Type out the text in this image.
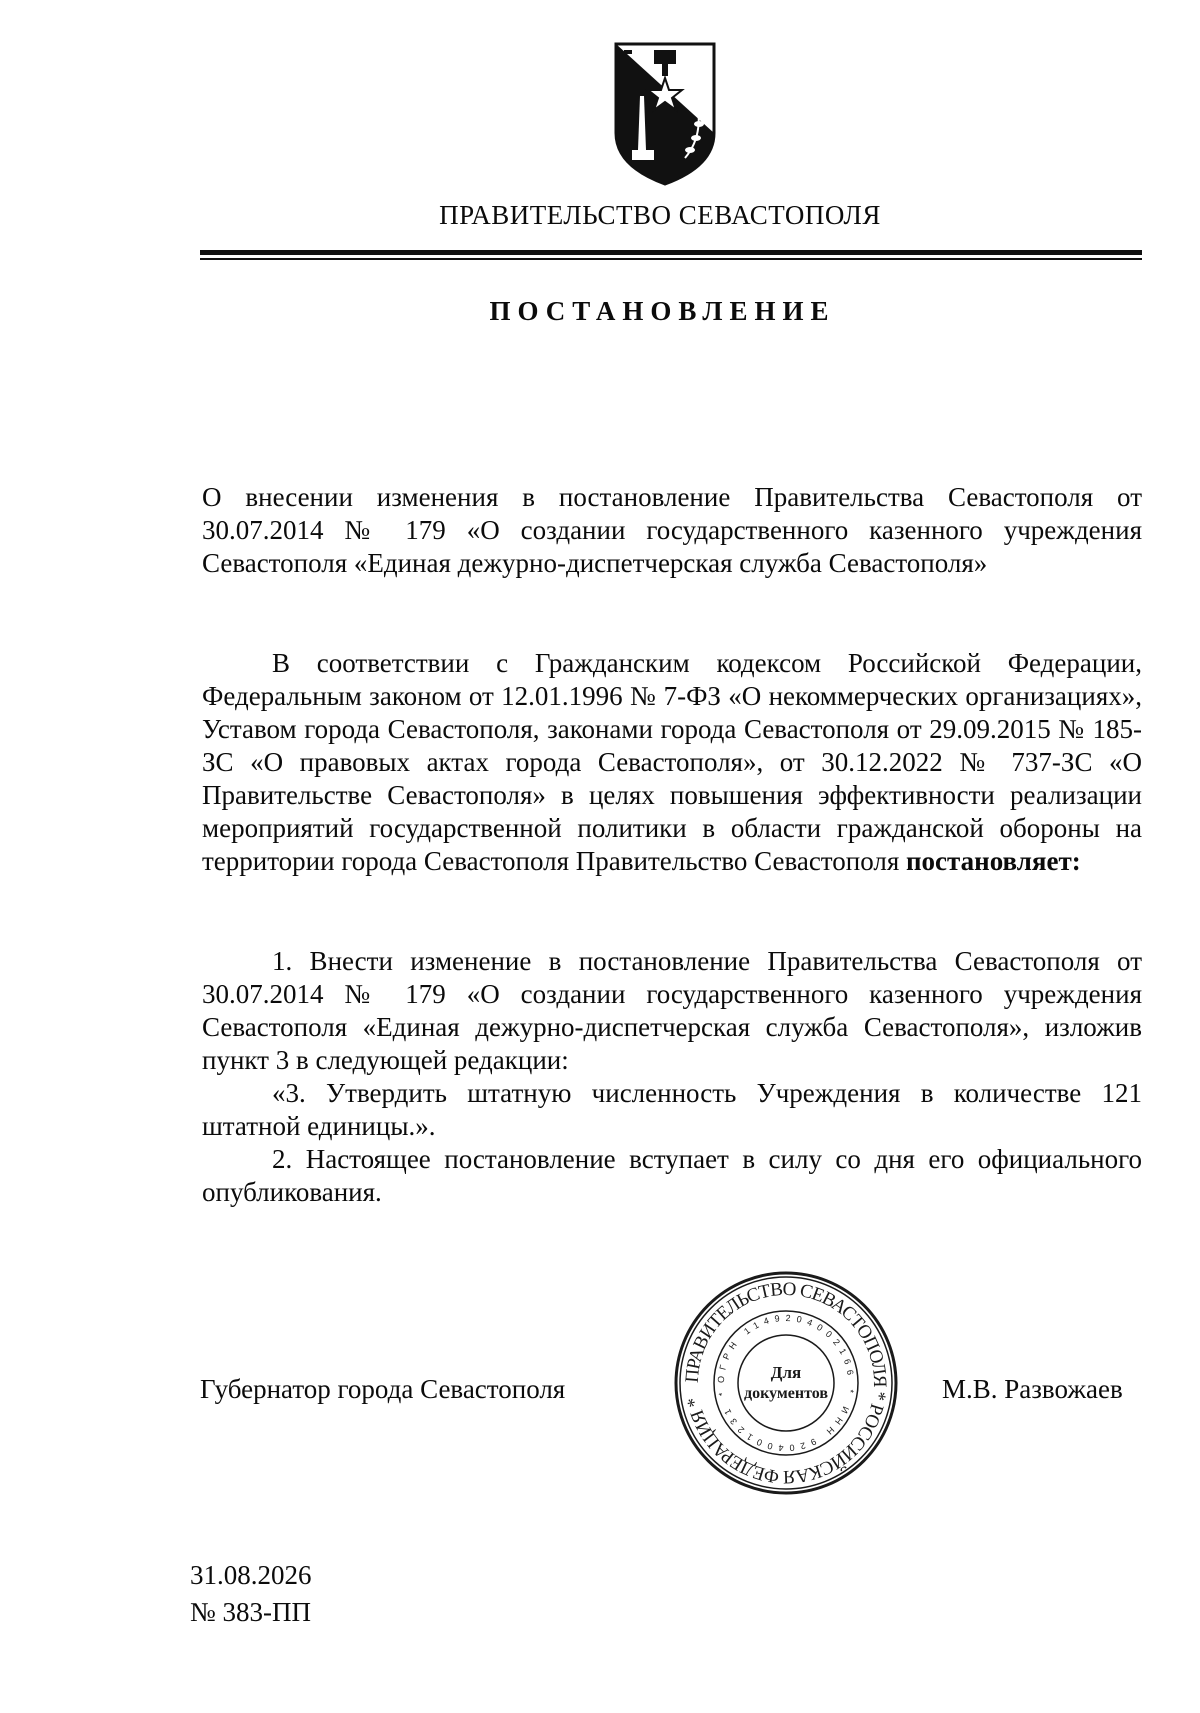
ПРАВИТЕЛЬСТВО СЕВАСТОПОЛЯ
ПОСТАНОВЛЕНИЕ
О внесении изменения в постановление Правительства Севастополя от 30.07.2014 № 179 «О создании государственного казенного учреждения Севастополя «Единая дежурно-диспетчерская служба Севастополя»
В соответствии с Гражданским кодексом Российской Федерации, Федеральным законом от 12.01.1996 № 7-ФЗ «О некоммерческих организациях», Уставом города Севастополя, законами города Севастополя от 29.09.2015 № 185-ЗС «О правовых актах города Севастополя», от 30.12.2022 № 737-ЗС «О Правительстве Севастополя» в целях повышения эффективности реализации мероприятий государственной политики в области гражданской обороны на территории города Севастополя Правительство Севастополя постановляет:
1. Внести изменение в постановление Правительства Севастополя от 30.07.2014 № 179 «О создании государственного казенного учреждения Севастополя «Единая дежурно-диспетчерская служба Севастополя», изложив пункт 3 в следующей редакции:
«3. Утвердить штатную численность Учреждения в количестве 121 штатной единицы.».
2. Настоящее постановление вступает в силу со дня его официального опубликования.
Губернатор города Севастополя	ПРАВИТЕЛЬСТВО СЕВАСТОПОЛЯ * РОССИЙСКАЯ ФЕДЕРАЦИЯ *
ОГРН 1149204002166 * ИНН 9204001231 *
Для
документов	М.В. Развожаев
31.08.2026
№ 383-ПП
